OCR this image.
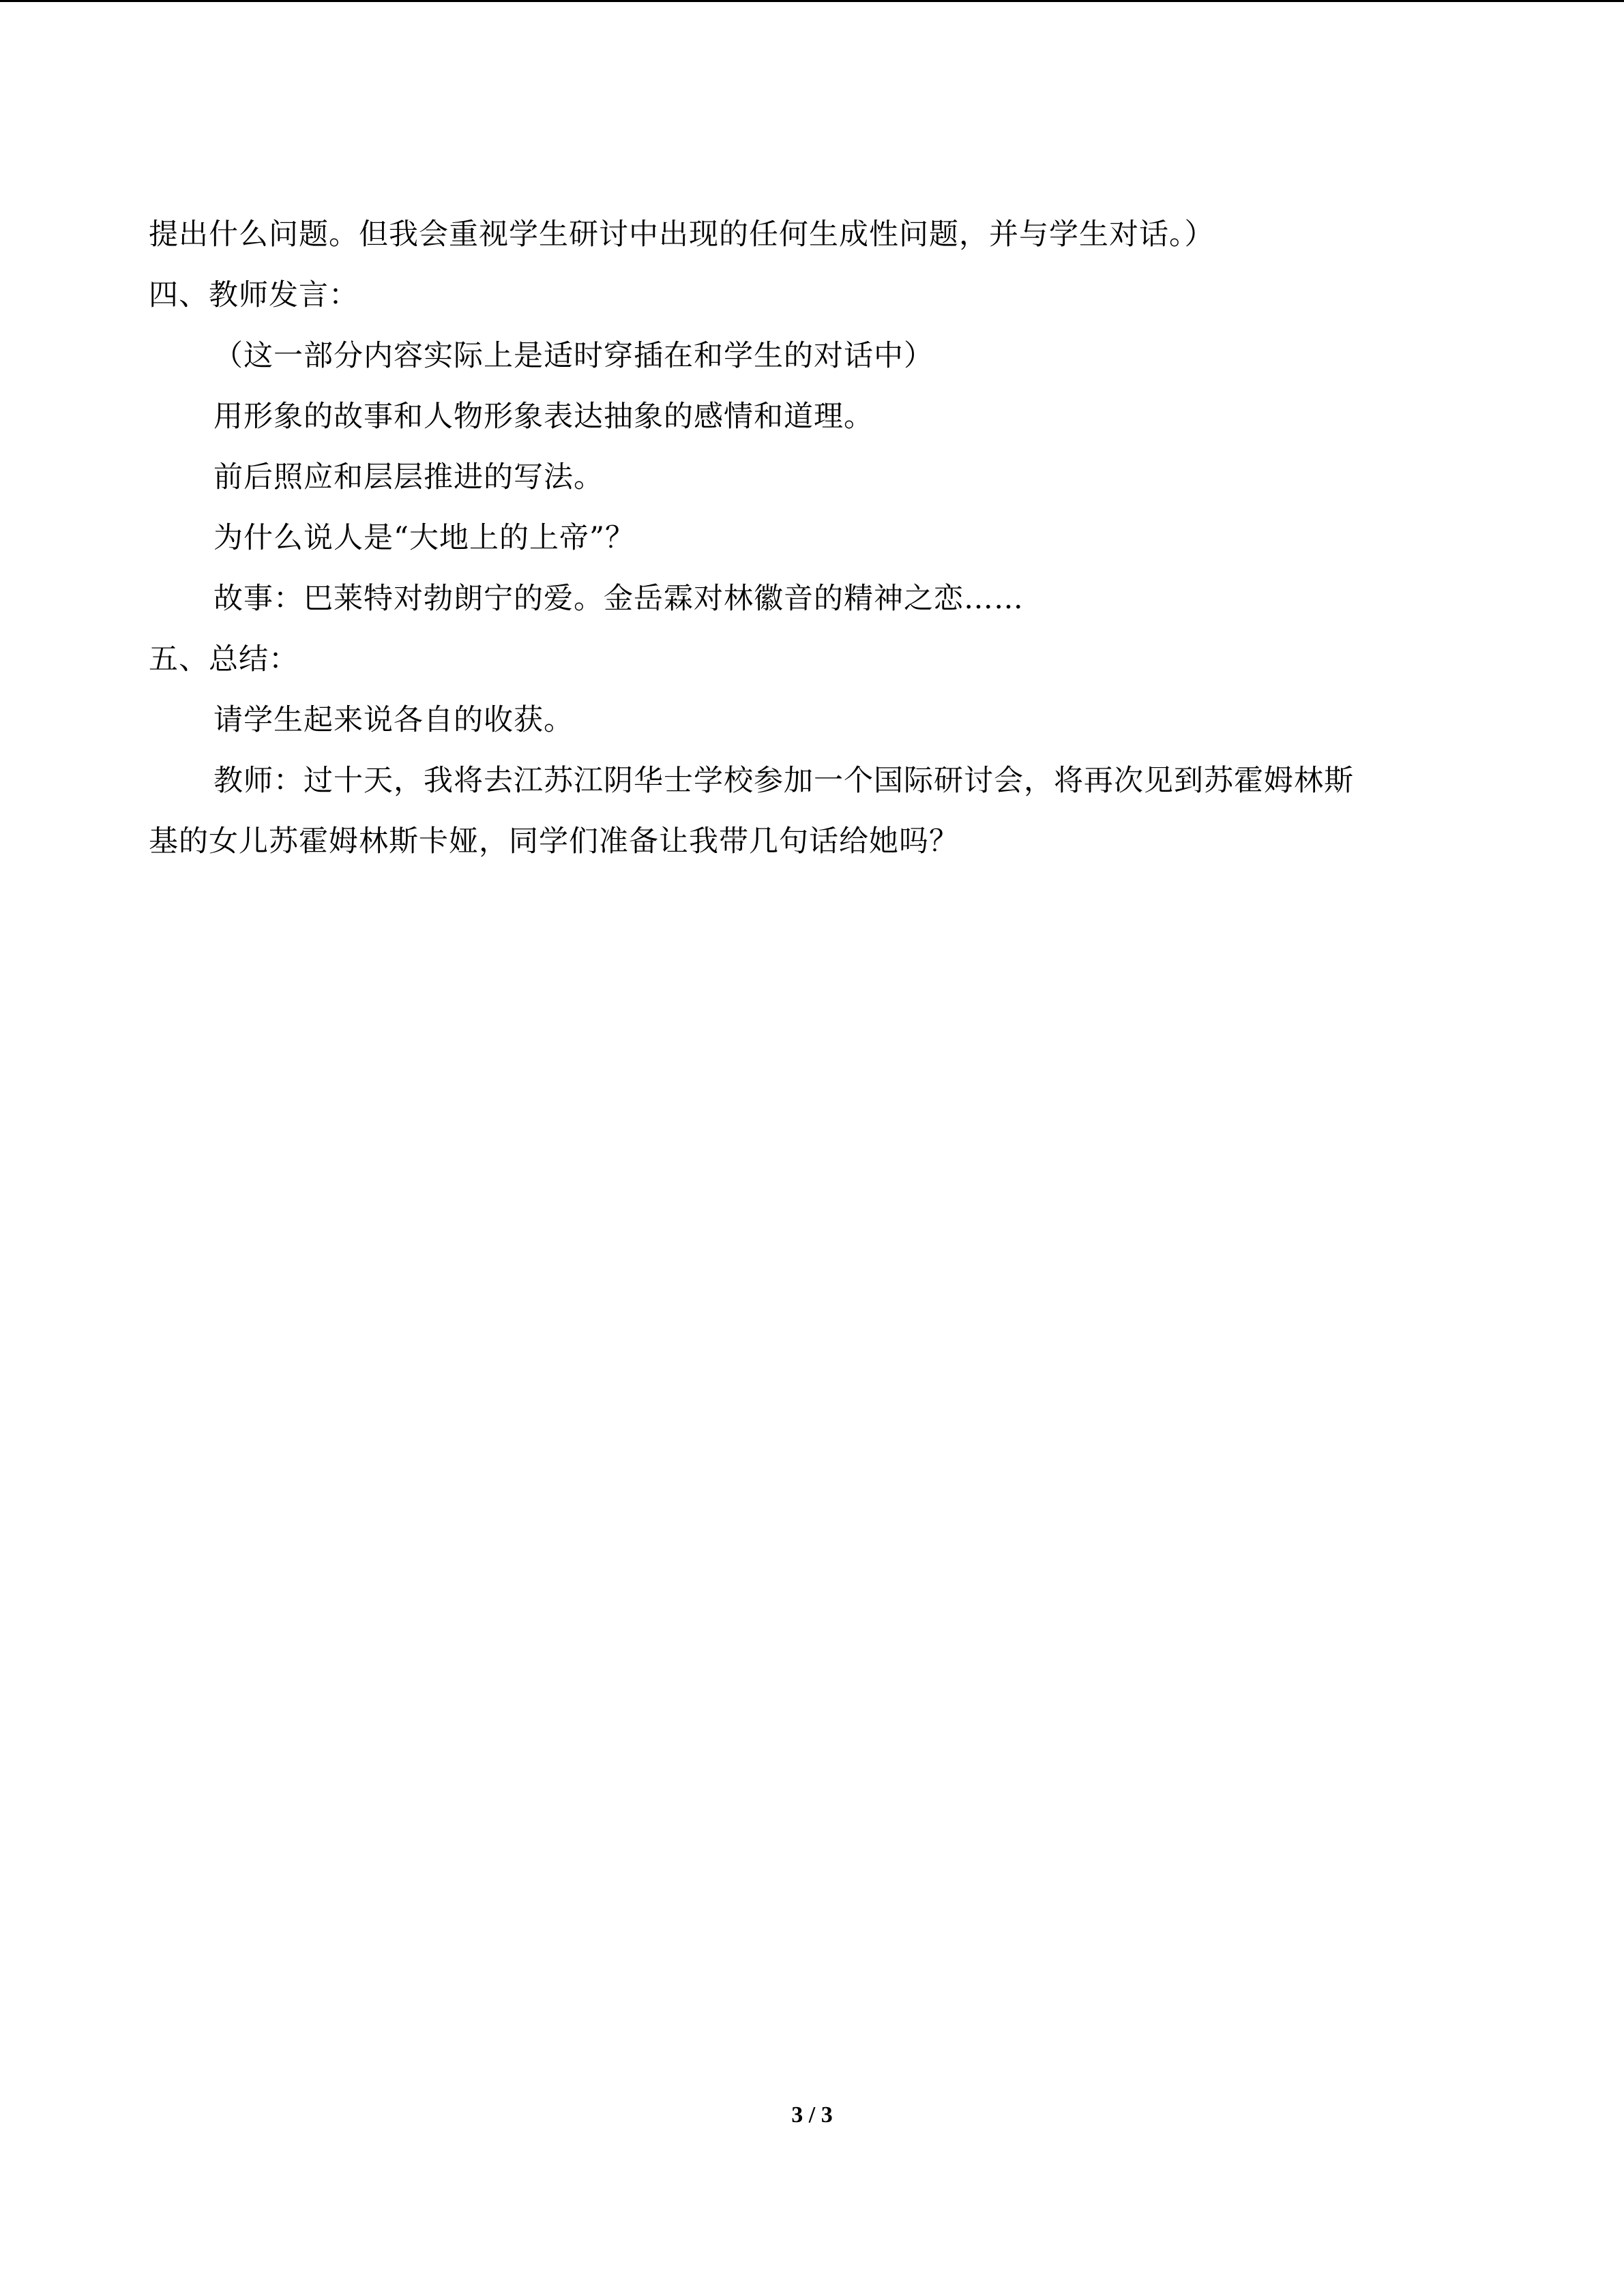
提出什么问题。但我会重视学生研讨中出现的任何生成性问题，并与学生对话。）
四、教师发言：
（这一部分内容实际上是适时穿插在和学生的对话中）
用形象的故事和人物形象表达抽象的感情和道理。
前后照应和层层推进的写法。
为什么说人是“大地上的上帝”？
故事：巴莱特对勃朗宁的爱。金岳霖对林徽音的精神之恋……
五、总结：
请学生起来说各自的收获。
教师：过十天，我将去江苏江阴华士学校参加一个国际研讨会，将再次见到苏霍姆林斯
基的女儿苏霍姆林斯卡娅，同学们准备让我带几句话给她吗？
3 / 3
